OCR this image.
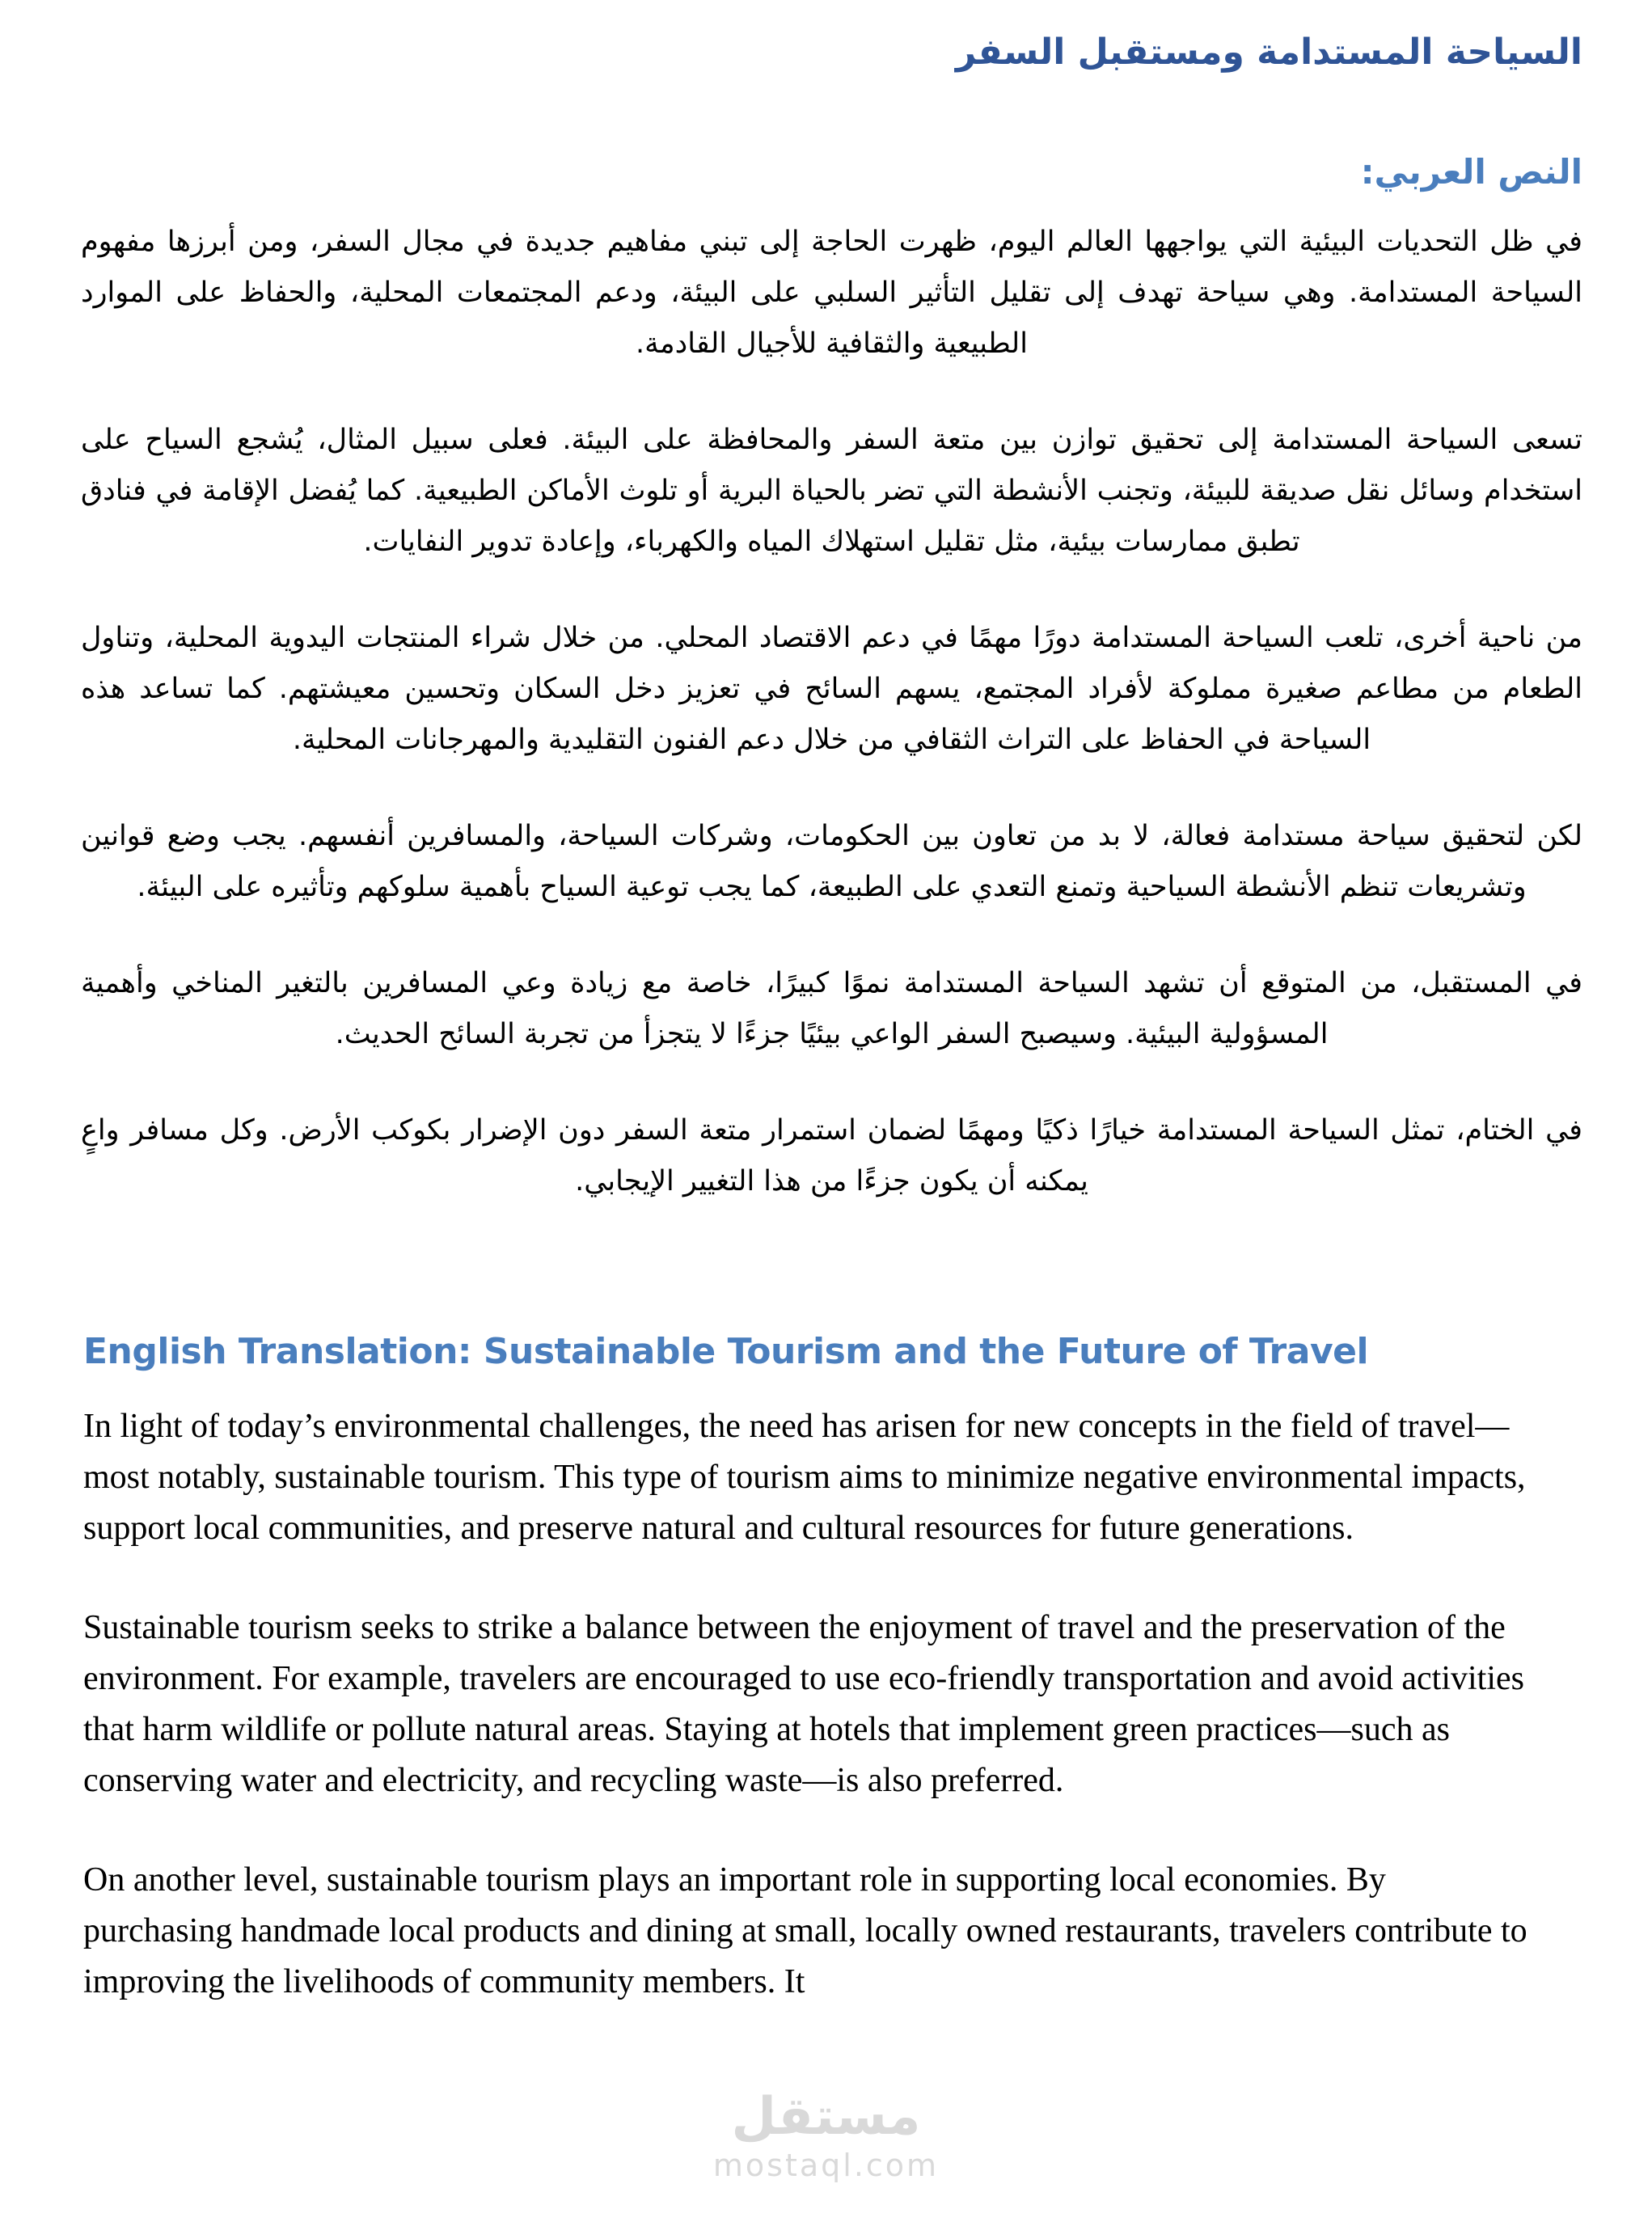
مستقل
mostaql.com
السياحة المستدامة ومستقبل السفر
النص العربي:

في ظل التحديات البيئية التي يواجهها العالم اليوم، ظهرت الحاجة إلى تبني مفاهيم جديدة في مجال السفر، ومن أبرزها مفهوم السياحة المستدامة. وهي سياحة تهدف إلى تقليل التأثير السلبي على البيئة، ودعم المجتمعات المحلية، والحفاظ على الموارد الطبيعية والثقافية للأجيال القادمة.

تسعى السياحة المستدامة إلى تحقيق توازن بين متعة السفر والمحافظة على البيئة. فعلى سبيل المثال، يُشجع السياح على استخدام وسائل نقل صديقة للبيئة، وتجنب الأنشطة التي تضر بالحياة البرية أو تلوث الأماكن الطبيعية. كما يُفضل الإقامة في فنادق تطبق ممارسات بيئية، مثل تقليل استهلاك المياه والكهرباء، وإعادة تدوير النفايات.

من ناحية أخرى، تلعب السياحة المستدامة دورًا مهمًا في دعم الاقتصاد المحلي. من خلال شراء المنتجات اليدوية المحلية، وتناول الطعام من مطاعم صغيرة مملوكة لأفراد المجتمع، يسهم السائح في تعزيز دخل السكان وتحسين معيشتهم. كما تساعد هذه السياحة في الحفاظ على التراث الثقافي من خلال دعم الفنون التقليدية والمهرجانات المحلية.

لكن لتحقيق سياحة مستدامة فعالة، لا بد من تعاون بين الحكومات، وشركات السياحة، والمسافرين أنفسهم. يجب وضع قوانين وتشريعات تنظم الأنشطة السياحية وتمنع التعدي على الطبيعة، كما يجب توعية السياح بأهمية سلوكهم وتأثيره على البيئة.

في المستقبل، من المتوقع أن تشهد السياحة المستدامة نموًا كبيرًا، خاصة مع زيادة وعي المسافرين بالتغير المناخي وأهمية المسؤولية البيئية. وسيصبح السفر الواعي بيئيًا جزءًا لا يتجزأ من تجربة السائح الحديث.

في الختام، تمثل السياحة المستدامة خيارًا ذكيًا ومهمًا لضمان استمرار متعة السفر دون الإضرار بكوكب الأرض. وكل مسافر واعٍ يمكنه أن يكون جزءًا من هذا التغيير الإيجابي.

English Translation: Sustainable Tourism and the Future of Travel

In light of today’s environmental challenges, the need has arisen for new concepts in the field of travel—most notably, sustainable tourism. This type of tourism aims to minimize negative environmental impacts, support local communities, and preserve natural and cultural resources for future generations.

Sustainable tourism seeks to strike a balance between the enjoyment of travel and the preservation of the environment. For example, travelers are encouraged to use eco-friendly transportation and avoid activities that harm wildlife or pollute natural areas. Staying at hotels that implement green practices—such as conserving water and electricity, and recycling waste—is also preferred.

On another level, sustainable tourism plays an important role in supporting local economies. By purchasing handmade local products and dining at small, locally owned restaurants, travelers contribute to improving the livelihoods of community members. It
